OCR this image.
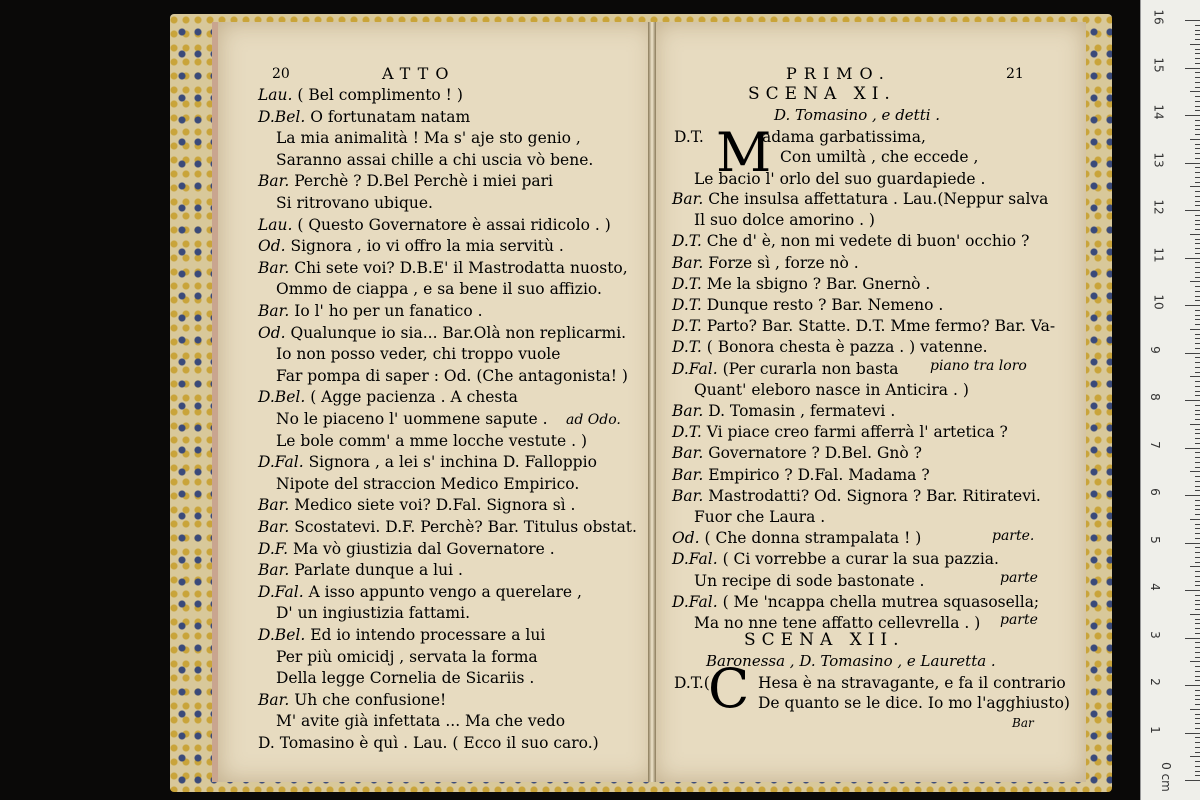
20	ATTO
ad Odo.
Lau. ( Bel complimento ! )
D.Bel. O fortunatam natam
La mia animalità ! Ma s' aje sto genio ,
Saranno assai chille a chi uscia vò bene.
Bar. Perchè ? D.Bel Perchè i miei pari
Si ritrovano ubique.
Lau. ( Questo Governatore è assai ridicolo . )
Od. Signora , io vi offro la mia servitù .
Bar. Chi sete voi? D.B.E' il Mastrodatta nuosto,
Ommo de ciappa , e sa bene il suo affizio.
Bar. Io l' ho per un fanatico .
Od. Qualunque io sia... Bar.Olà non replicarmi.
Io non posso veder, chi troppo vuole
Far pompa di saper : Od. (Che antagonista! )
D.Bel. ( Agge pacienza . A chesta
No le piaceno l' uommene sapute .
Le bole comm' a mme locche vestute . )
D.Fal. Signora , a lei s' inchina D. Falloppio
Nipote del straccion Medico Empirico.
Bar. Medico siete voi? D.Fal. Signora sì .
Bar. Scostatevi. D.F. Perchè? Bar. Titulus obstat.
D.F. Ma vò giustizia dal Governatore .
Bar. Parlate dunque a lui .
D.Fal. A isso appunto vengo a querelare ,
D' un ingiustizia fattami.
D.Bel. Ed io intendo processare a lui
Per più omicidj , servata la forma
Della legge Cornelia de Sicariis .
Bar. Uh che confusione!
M' avite già infettata ... Ma che vedo
D. Tomasino è quì . Lau. ( Ecco il suo caro.)
PRIMO.	21
SCENA XI.
D. Tomasino , e detti .
M
SCENA XII.
Baronessa , D. Tomasino , e Lauretta .
D.T.(
C Hesa è na stravagante, e fa il contrario
De quanto se le dice. Io mo l'agghiusto)
Bar
adama garbatissima,
Con umiltà , che eccede ,
Le bacio l' orlo del suo guardapiede .
Bar. Che insulsa affettatura . Lau.(Neppur salva
Il suo dolce amorino . )
D.T. Che d' è, non mi vedete di buon' occhio ?
Bar. Forze sì , forze nò .
D.T. Me la sbigno ? Bar. Gnernò .
D.T. Dunque resto ? Bar. Nemeno .
D.T. Parto? Bar. Statte. D.T. Mme fermo? Bar. Va-
D.T. ( Bonora chesta è pazza . ) vatenne.
D.Fal. (Per curarla non basta
Quant' eleboro nasce in Anticira . )
Bar. D. Tomasin , fermatevi .
D.T. Vi piace creo farmi afferrà l' artetica ?
Bar. Governatore ? D.Bel. Gnò ?
Bar. Empirico ? D.Fal. Madama ?
Bar. Mastrodatti? Od. Signora ? Bar. Ritiratevi.
Fuor che Laura .
Od. ( Che donna strampalata ! )
D.Fal. ( Ci vorrebbe a curar la sua pazzia.
Un recipe di sode bastonate .
D.Fal. ( Me 'ncappa chella mutrea squasosella;
Ma no nne tene affatto cellevrella . )
D.T.
piano tra loro
parte.
parte
parte
0 cm
1
2
3
4
5
6
7
8
9
10
11
12
13
14
15
16
